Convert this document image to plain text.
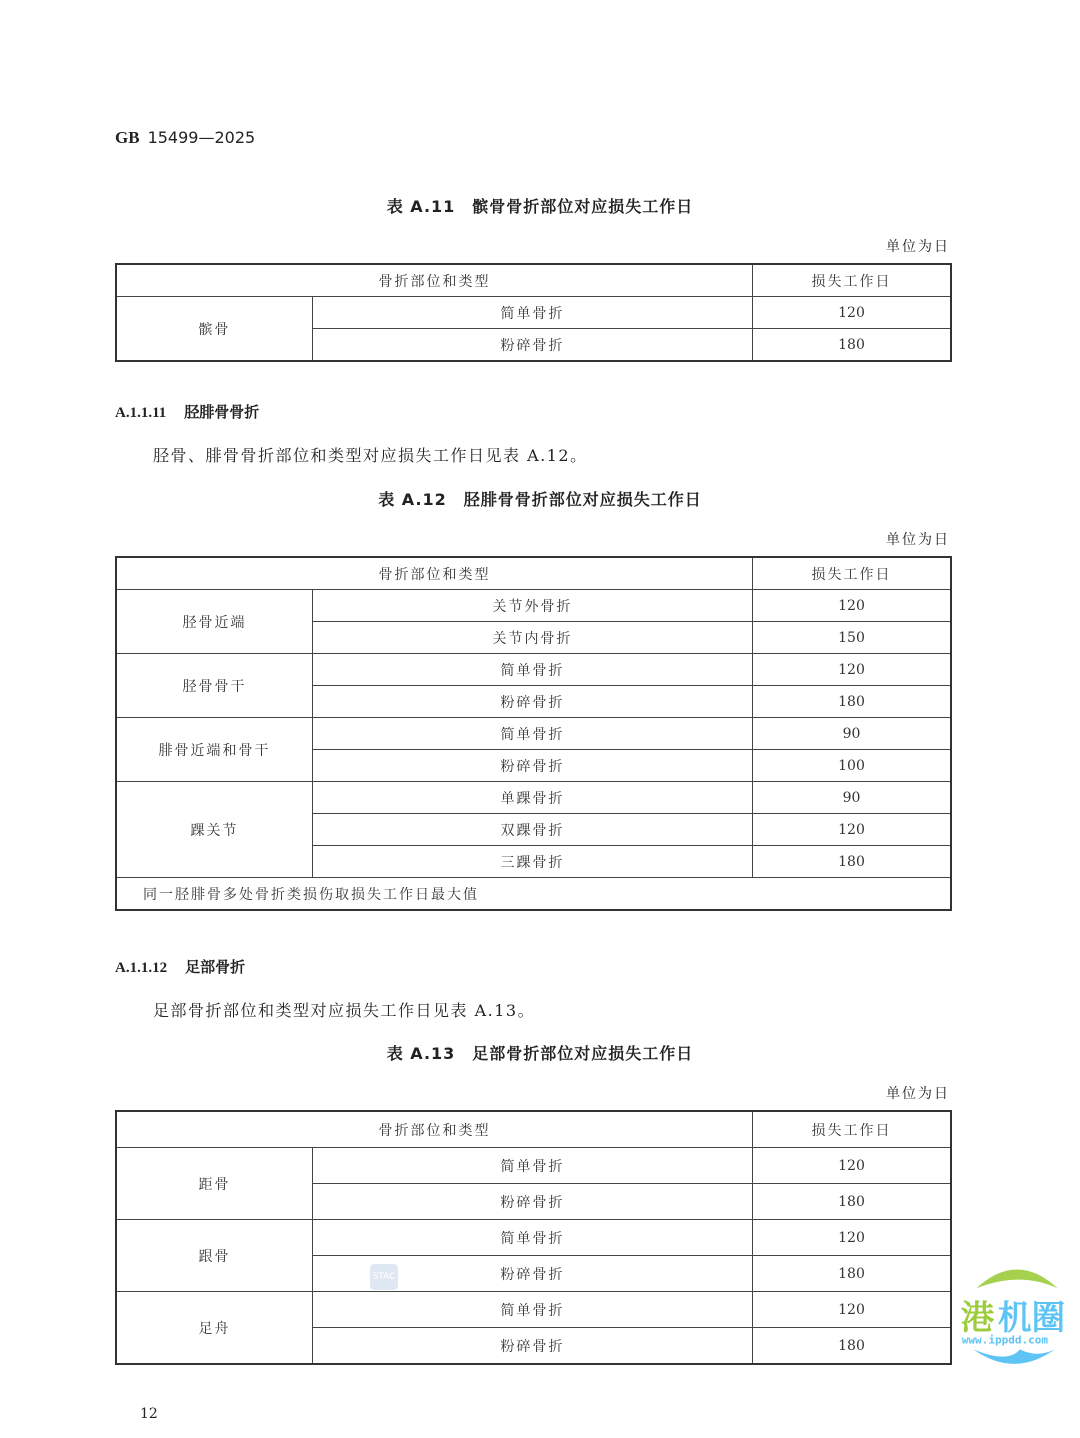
GB 15499—2025
表 A.11　髌骨骨折部位对应损失工作日
单位为日
骨折部位和类型		损失工作日
髌骨	简单骨折	120
	粉碎骨折	180
A.1.1.11 胫腓骨骨折
胫骨、腓骨骨折部位和类型对应损失工作日见表 A.12。
表 A.12　胫腓骨骨折部位对应损失工作日
单位为日
骨折部位和类型		损失工作日
胫骨近端	关节外骨折	120
	关节内骨折	150
胫骨骨干	简单骨折	120
	粉碎骨折	180
腓骨近端和骨干	简单骨折	90
	粉碎骨折	100
踝关节	单踝骨折	90
	双踝骨折	120
	三踝骨折	180
同一胫腓骨多处骨折类损伤取损失工作日最大值		
A.1.1.12 足部骨折
足部骨折部位和类型对应损失工作日见表 A.13。
表 A.13　足部骨折部位对应损失工作日
单位为日
骨折部位和类型		损失工作日
距骨	简单骨折	120
	粉碎骨折	180
跟骨	简单骨折	120
	粉碎骨折	180
足舟	简单骨折	120
	粉碎骨折	180
STAC
12
港 机圈
www.ippdd.com
